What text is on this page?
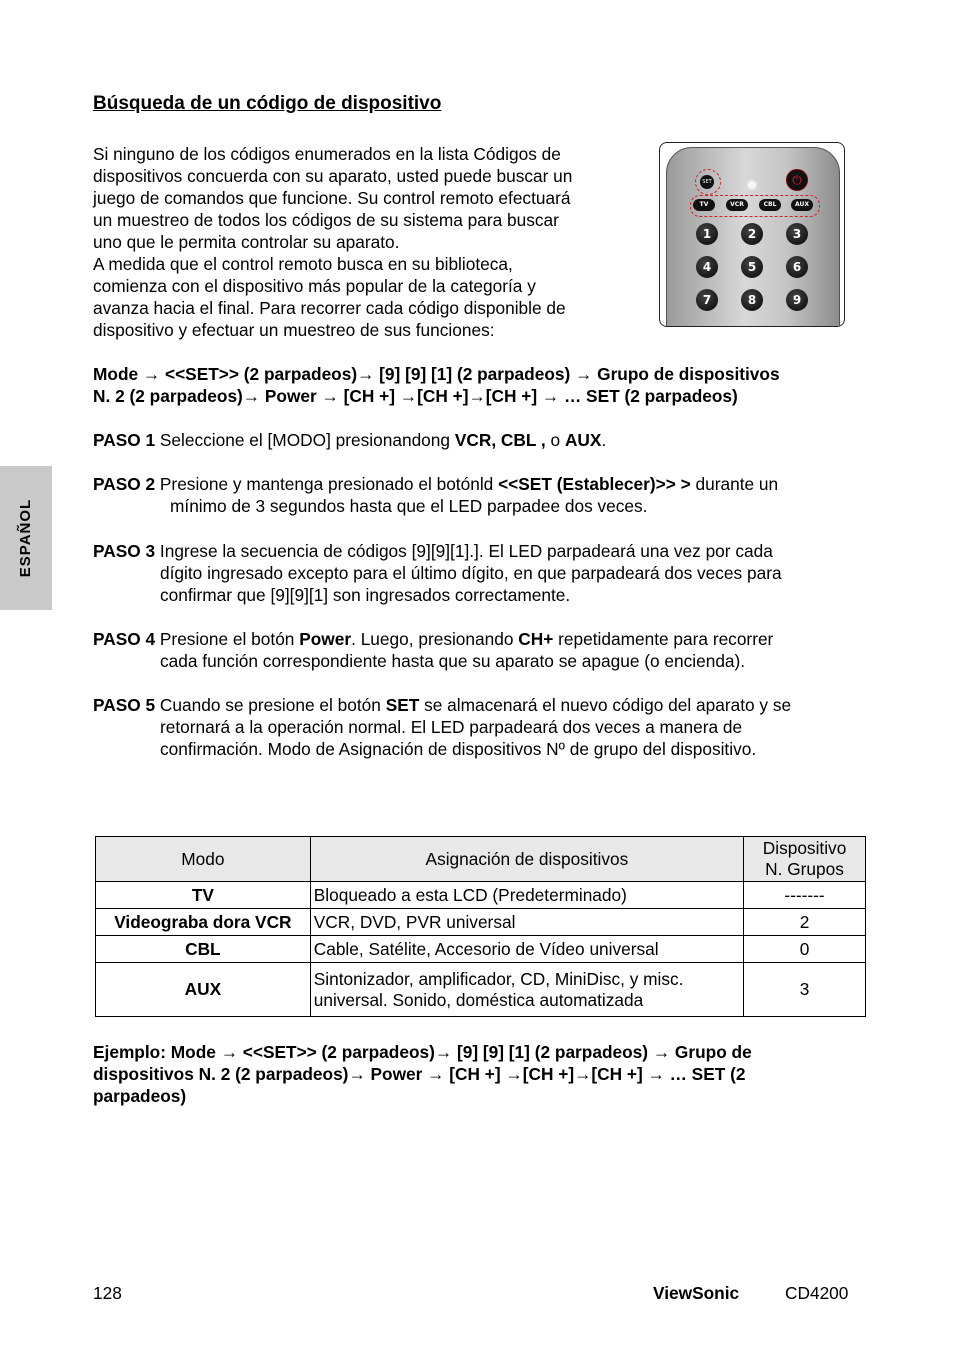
ESPAÑOL
Búsqueda de un código de dispositivo
Si ninguno de los códigos enumerados en la lista Códigos de
dispositivos concuerda con su aparato, usted puede buscar un
juego de comandos que funcione. Su control remoto efectuará
un muestreo de todos los códigos de su sistema para buscar
uno que le permita controlar su aparato.
A medida que el control remoto busca en su biblioteca,
comienza con el dispositivo más popular de la categoría y
avanza hacia el final. Para recorrer cada código disponible de
dispositivo y efectuar un muestreo de sus funciones:
SET	⏻
TV	VCR	CBL	AUX
1	2	3
4	5	6
7	8	9
Mode → <<SET>> (2 parpadeos)→ [9] [9] [1] (2 parpadeos) → Grupo de dispositivos
N. 2 (2 parpadeos)→ Power → [CH +] →[CH +]→[CH +] → … SET (2 parpadeos)
PASO 1 Seleccione el [MODO] presionandong VCR, CBL , o AUX.
PASO 2 Presione y mantenga presionado el botónld <<SET (Establecer)>> > durante un
mínimo de 3 segundos hasta que el LED parpadee dos veces.
PASO 3 Ingrese la secuencia de códigos [9][9][1].]. El LED parpadeará una vez por cada
dígito ingresado excepto para el último dígito, en que parpadeará dos veces para
confirmar que [9][9][1] son ingresados correctamente.
PASO 4 Presione el botón Power. Luego, presionando CH+ repetidamente para recorrer
cada función correspondiente hasta que su aparato se apague (o encienda).
PASO 5 Cuando se presione el botón SET se almacenará el nuevo código del aparato y se
retornará a la operación normal. El LED parpadeará dos veces a manera de
confirmación. Modo de Asignación de dispositivos Nº de grupo del dispositivo.
Modo	Asignación de dispositivos	Dispositivo
N. Grupos

TV	Bloqueado a esta LCD (Predeterminado)	-------
Videograba dora VCR	VCR, DVD, PVR universal	2
CBL	Cable, Satélite, Accesorio de Vídeo universal	0
AUX	Sintonizador, amplificador, CD, MiniDisc, y misc.
universal. Sonido, doméstica automatizada	3
Ejemplo: Mode → <<SET>> (2 parpadeos)→ [9] [9] [1] (2 parpadeos) → Grupo de
dispositivos N. 2 (2 parpadeos)→ Power → [CH +] →[CH +]→[CH +] → … SET (2
parpadeos)
128	ViewSonic	CD4200
